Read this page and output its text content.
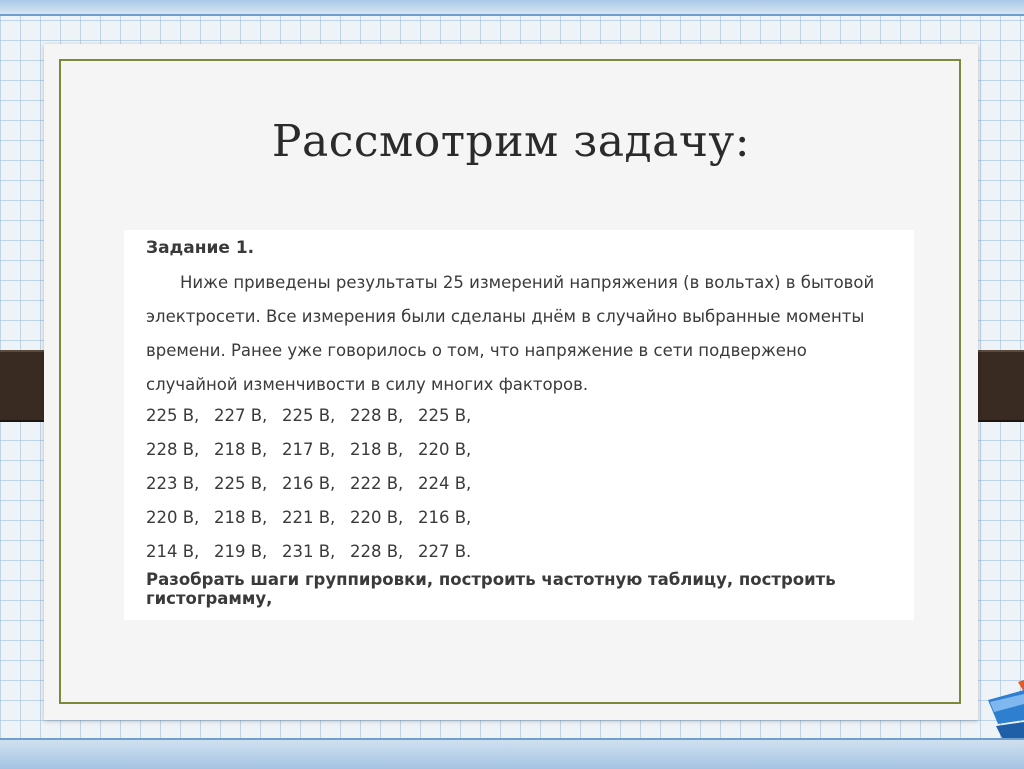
Рассмотрим задачу:
Задание 1.
Ниже приведены результаты 25 измерений напряжения (в вольтах) в бытовой электросети. Все измерения были сделаны днём в случайно выбранные моменты времени. Ранее уже говорилось о том, что напряжение в сети подвержено случайной изменчивости в силу многих факторов.
225 В, 227 В, 225 В, 228 В, 225 В,
228 В, 218 В, 217 В, 218 В, 220 В,
223 В, 225 В, 216 В, 222 В, 224 В,
220 В, 218 В, 221 В, 220 В, 216 В,
214 В, 219 В, 231 В, 228 В, 227 В.
Разобрать шаги группировки, построить частотную таблицу, построить гистограмму,
